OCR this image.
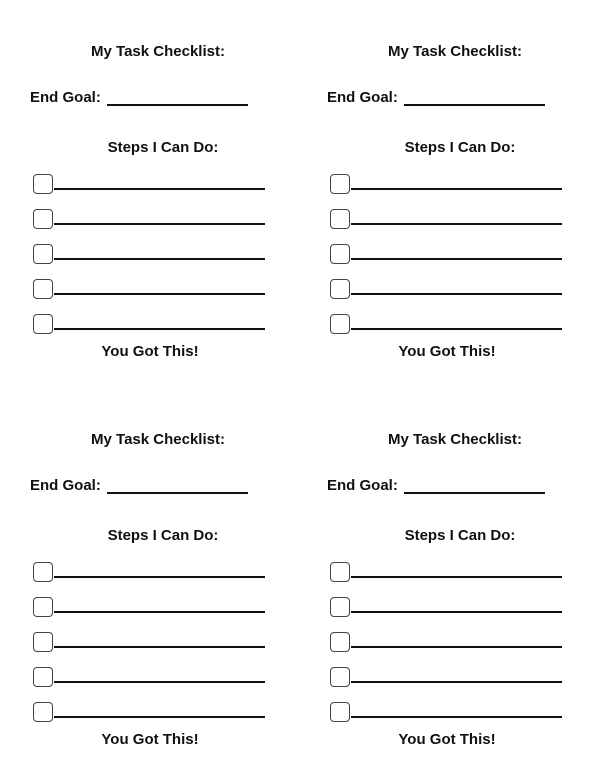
My Task Checklist:
End Goal:
Steps I Can Do:
You Got This!
My Task Checklist:
End Goal:
Steps I Can Do:
You Got This!
My Task Checklist:
End Goal:
Steps I Can Do:
You Got This!
My Task Checklist:
End Goal:
Steps I Can Do:
You Got This!
